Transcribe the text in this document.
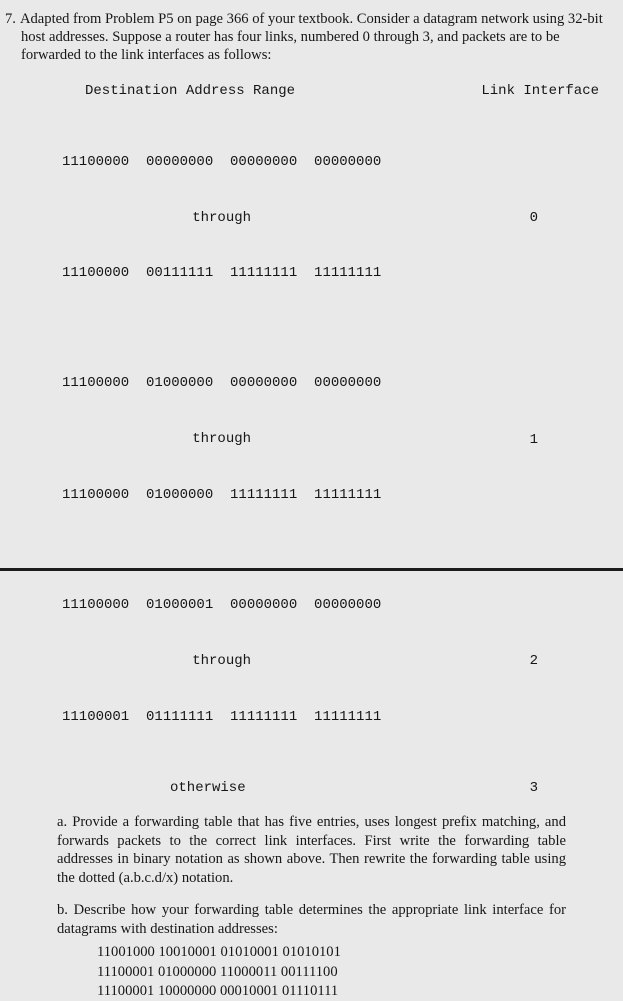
7. Adapted from Problem P5 on page 366 of your textbook. Consider a datagram network using 32-bit host addresses. Suppose a router has four links, numbered 0 through 3, and packets are to be forwarded to the link interfaces as follows:
Destination Address Range	Link Interface

11100000  00000000  00000000  00000000

through

11100000  00111111  11111111  11111111

0

11100000  01000000  00000000  00000000

through

11100000  01000000  11111111  11111111

1

11100000  01000001  00000000  00000000

through

11100001  01111111  11111111  11111111

2
otherwise	3
a. Provide a forwarding table that has five entries, uses longest prefix matching, and forwards packets to the correct link interfaces. First write the forwarding table addresses in binary notation as shown above. Then rewrite the forwarding table using the dotted (a.b.c.d/x) notation.
b. Describe how your forwarding table determines the appropriate link interface for datagrams with destination addresses:
11001000 10010001 01010001 01010101
11100001 01000000 11000011 00111100
11100001 10000000 00010001 01110111
